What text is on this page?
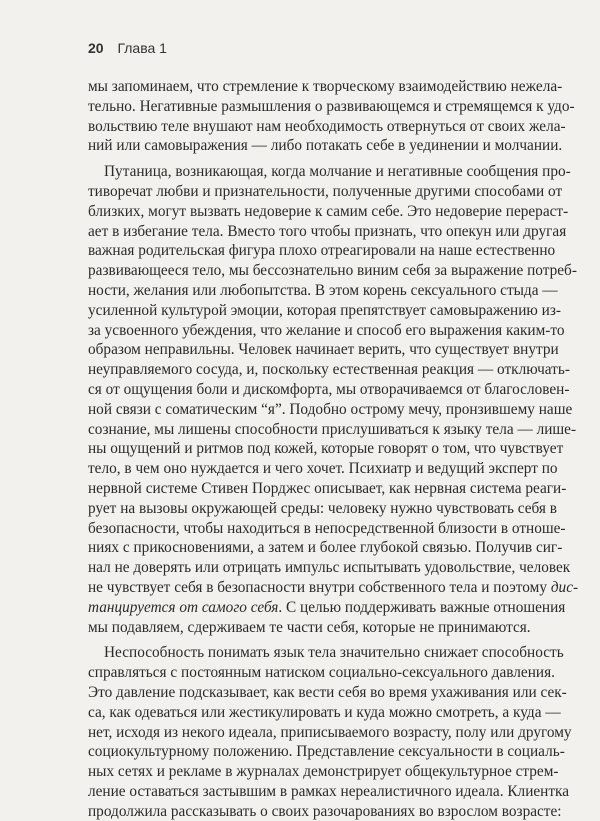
20 Глава 1
мы запоминаем, что стремление к творческому взаимодействию нежела-
тельно. Негативные размышления о развивающемся и стремящемся к удо-
вольствию теле внушают нам необходимость отвернуться от своих жела-
ний или самовыражения — либо потакать себе в уединении и молчании.
Путаница, возникающая, когда молчание и негативные сообщения про-
тиворечат любви и признательности, полученные другими способами от
близких, могут вызвать недоверие к самим себе. Это недоверие перераст-
ает в избегание тела. Вместо того чтобы признать, что опекун или другая
важная родительская фигура плохо отреагировали на наше естественно
развивающееся тело, мы бессознательно виним себя за выражение потреб-
ности, желания или любопытства. В этом корень сексуального стыда —
усиленной культурой эмоции, которая препятствует самовыражению из-
за усвоенного убеждения, что желание и способ его выражения каким-то
образом неправильны. Человек начинает верить, что существует внутри
неуправляемого сосуда, и, поскольку естественная реакция — отключать-
ся от ощущения боли и дискомфорта, мы отворачиваемся от благословен-
ной связи с соматическим “я”. Подобно острому мечу, пронзившему наше
сознание, мы лишены способности прислушиваться к языку тела — лише-
ны ощущений и ритмов под кожей, которые говорят о том, что чувствует
тело, в чем оно нуждается и чего хочет. Психиатр и ведущий эксперт по
нервной системе Стивен Порджес описывает, как нервная система реаги-
рует на вызовы окружающей среды: человеку нужно чувствовать себя в
безопасности, чтобы находиться в непосредственной близости в отноше-
ниях с прикосновениями, а затем и более глубокой связью. Получив сиг-
нал не доверять или отрицать импульс испытывать удовольствие, человек
не чувствует себя в безопасности внутри собственного тела и поэтому дис-
танцируется от самого себя. С целью поддерживать важные отношения
мы подавляем, сдерживаем те части себя, которые не принимаются.
Неспособность понимать язык тела значительно снижает способность
справляться с постоянным натиском социально-сексуального давления.
Это давление подсказывает, как вести себя во время ухаживания или сек-
са, как одеваться или жестикулировать и куда можно смотреть, а куда —
нет, исходя из некого идеала, приписываемого возрасту, полу или другому
социокультурному положению. Представление сексуальности в социаль-
ных сетях и рекламе в журналах демонстрирует общекультурное стрем-
ление оставаться застывшим в рамках нереалистичного идеала. Клиентка
продолжила рассказывать о своих разочарованиях во взрослом возрасте:
